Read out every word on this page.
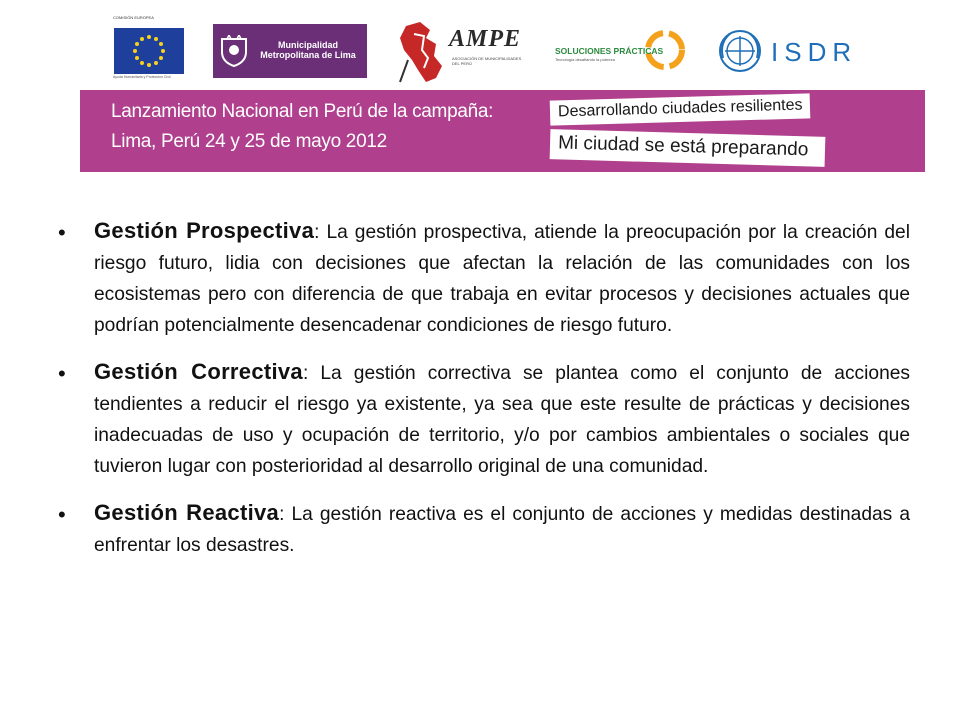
COMISIÓN EUROPEA
Ayuda Humanitaria y Protección Civil
Municipalidad Metropolitana de Lima
AMPE
ASOCIACIÓN DE MUNICIPALIDADES DEL PERÚ
SOLUCIONES PRÁCTICAS
Tecnología desafiando la pobreza	ISDR
Lanzamiento Nacional en Perú de la campaña:
Lima, Perú 24 y 25 de mayo 2012
Desarrollando ciudades resilientes
Mi ciudad se está preparando
• Gestión Prospectiva: La gestión prospectiva, atiende la preocupación por la creación del riesgo futuro, lidia con decisiones que afectan la relación de las comunidades con los ecosistemas pero con diferencia de que trabaja en evitar procesos y decisiones actuales que podrían potencialmente desencadenar condiciones de riesgo futuro.

• Gestión Correctiva: La gestión correctiva se plantea como el conjunto de acciones tendientes a reducir el riesgo ya existente, ya sea que este resulte de prácticas y decisiones inadecuadas de uso y ocupación de territorio, y/o por cambios ambientales o sociales que tuvieron lugar con posterioridad al desarrollo original de una comunidad.

• Gestión Reactiva: La gestión reactiva es el conjunto de acciones y medidas destinadas a enfrentar los desastres.
